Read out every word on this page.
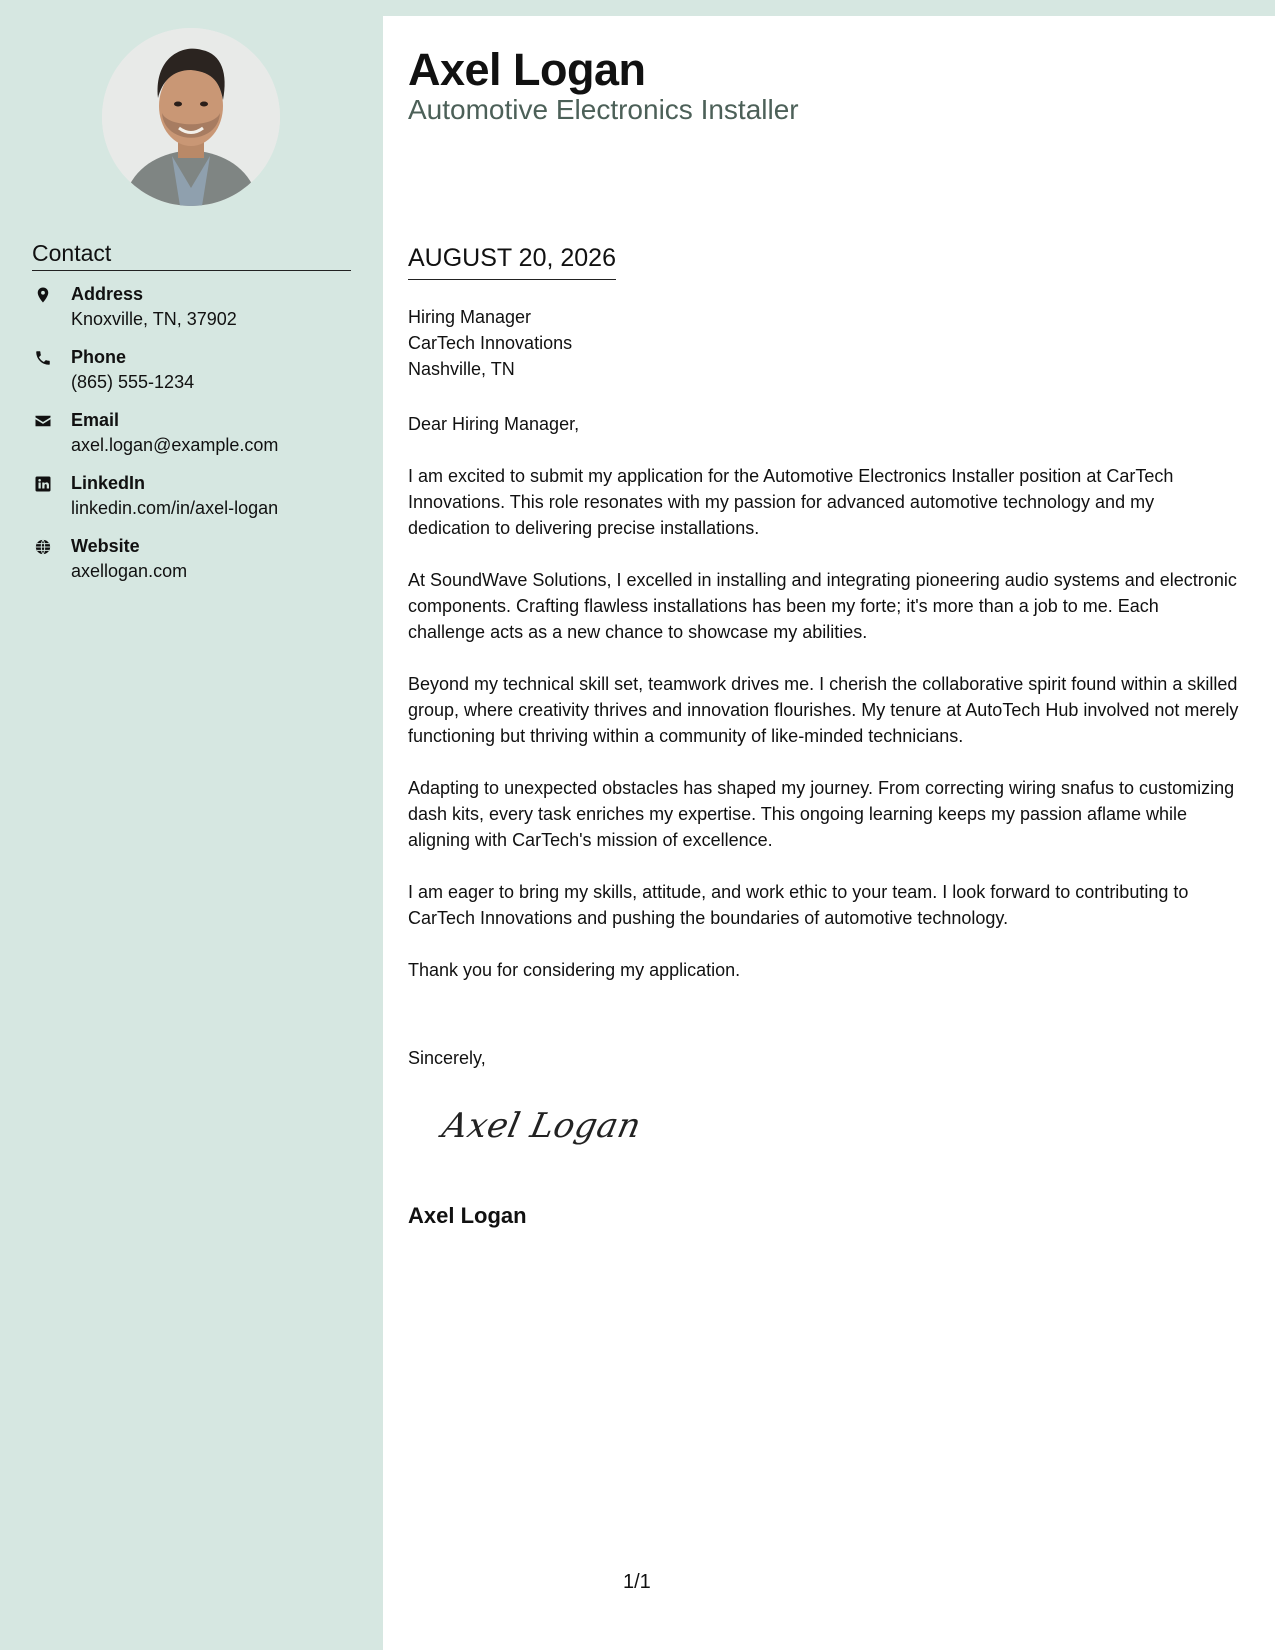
Contact
Address
Knoxville, TN, 37902
Phone
(865) 555-1234
Email
axel.logan@example.com
LinkedIn
linkedin.com/in/axel-logan
Website
axellogan.com
Axel Logan
Automotive Electronics Installer
AUGUST 20, 2026
Hiring Manager
CarTech Innovations
Nashville, TN

Dear Hiring Manager,

I am excited to submit my application for the Automotive Electronics Installer position at CarTech Innovations. This role resonates with my passion for advanced automotive technology and my dedication to delivering precise installations.

At SoundWave Solutions, I excelled in installing and integrating pioneering audio systems and electronic components. Crafting flawless installations has been my forte; it's more than a job to me. Each challenge acts as a new chance to showcase my abilities.

Beyond my technical skill set, teamwork drives me. I cherish the collaborative spirit found within a skilled group, where creativity thrives and innovation flourishes. My tenure at AutoTech Hub involved not merely functioning but thriving within a community of like-minded technicians.

Adapting to unexpected obstacles has shaped my journey. From correcting wiring snafus to customizing dash kits, every task enriches my expertise. This ongoing learning keeps my passion aflame while aligning with CarTech's mission of excellence.

I am eager to bring my skills, attitude, and work ethic to your team. I look forward to contributing to CarTech Innovations and pushing the boundaries of automotive technology.

Thank you for considering my application.

Sincerely,
Axel Logan
Axel Logan
1/1
